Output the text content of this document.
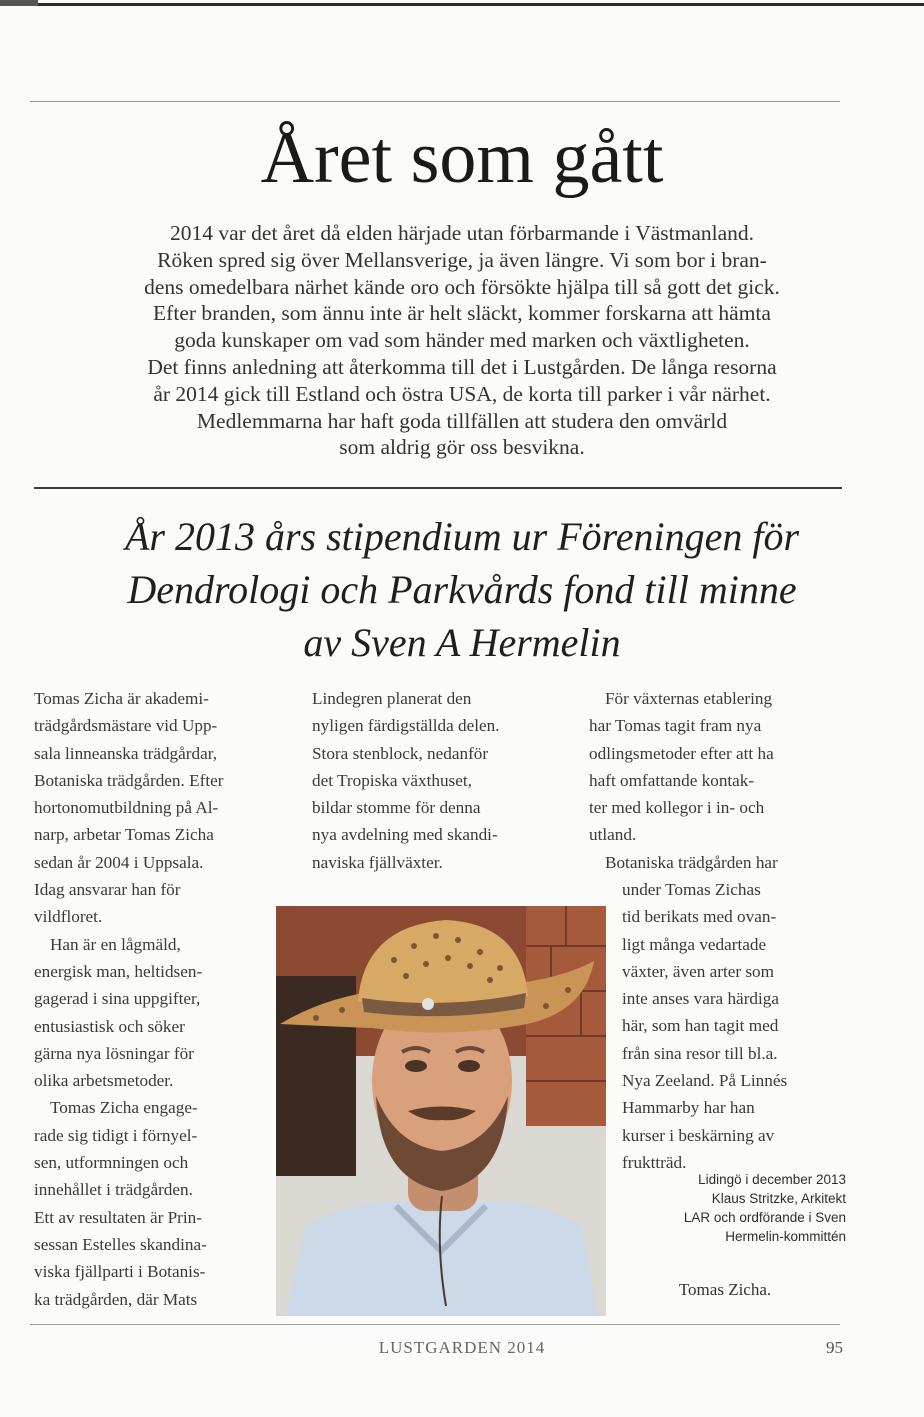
Året som gått
2014 var det året då elden härjade utan förbarmande i Västmanland.
Röken spred sig över Mellansverige, ja även längre. Vi som bor i bran-
dens omedelbara närhet kände oro och försökte hjälpa till så gott det gick.
Efter branden, som ännu inte är helt släckt, kommer forskarna att hämta
goda kunskaper om vad som händer med marken och växtligheten.
Det finns anledning att återkomma till det i Lustgården. De långa resorna
år 2014 gick till Estland och östra USA, de korta till parker i vår närhet.
Medlemmarna har haft goda tillfällen att studera den omvärld
som aldrig gör oss besvikna.
År 2013 års stipendium ur Föreningen för
Dendrologi och Parkvårds fond till minne
av Sven A Hermelin
Tomas Zicha är akademi-
trädgårdsmästare vid Upp-
sala linneanska trädgårdar,
Botaniska trädgården. Efter
hortonomutbildning på Al-
narp, arbetar Tomas Zicha
sedan år 2004 i Uppsala.
Idag ansvarar han för
vildfloret.
Han är en lågmäld,
energisk man, heltidsen-
gagerad i sina uppgifter,
entusiastisk och söker
gärna nya lösningar för
olika arbetsmetoder.
Tomas Zicha engage-
rade sig tidigt i förnyel-
sen, utformningen och
innehållet i trädgården.
Ett av resultaten är Prin-
sessan Estelles skandina-
viska fjällparti i Botanis-
ka trädgården, där Mats
Lindegren planerat den
nyligen färdigställda delen.
Stora stenblock, nedanför
det Tropiska växthuset,
bildar stomme för denna
nya avdelning med skandi-
naviska fjällväxter.
För växternas etablering
har Tomas tagit fram nya
odlingsmetoder efter att ha
haft omfattande kontak-
ter med kollegor i in- och
utland.
Botaniska trädgården har
under Tomas Zichas
tid berikats med ovan-
ligt många vedartade
växter, även arter som
inte anses vara härdiga
här, som han tagit med
från sina resor till bl.a.
Nya Zeeland. På Linnés
Hammarby har han
kurser i beskärning av
fruktträd.
Lidingö i december 2013
Klaus Stritzke, Arkitekt
LAR och ordförande i Sven
Hermelin-kommittén
Tomas Zicha.
LUSTGARDEN 2014	95
